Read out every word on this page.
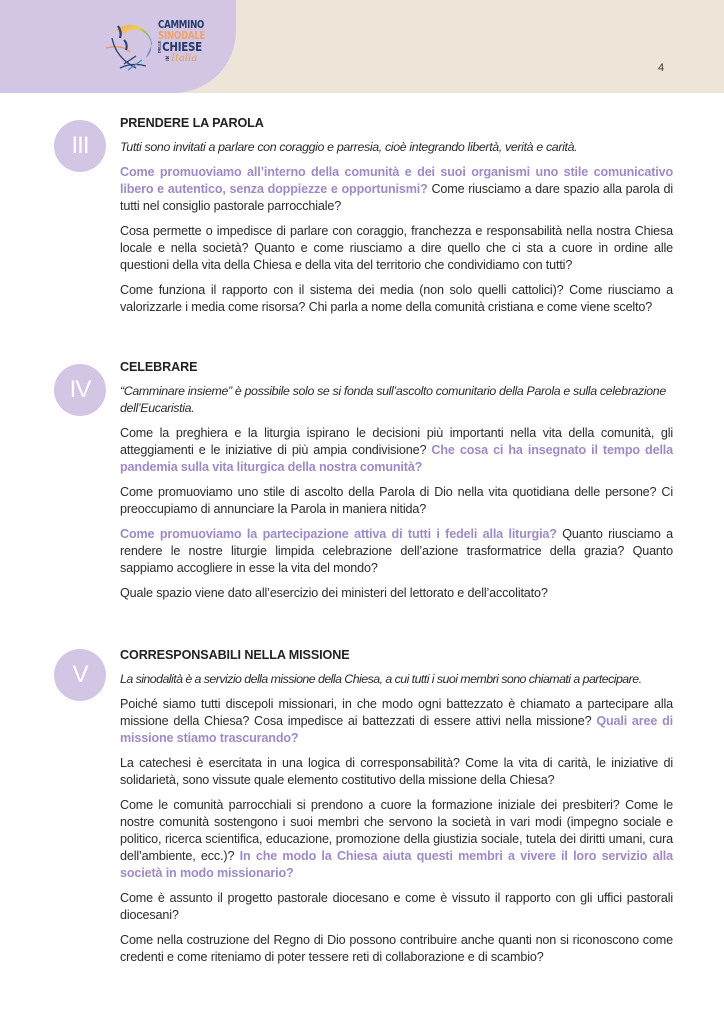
CAMMINO
SINODALE
DELLECHIESE
INItalia
4
III
PRENDERE LA PAROLA

Tutti sono invitati a parlare con coraggio e parresia, cioè integrando libertà, verità e carità.

Come promuoviamo all’interno della comunità e dei suoi organismi uno stile comunicativo libero e autentico, senza doppiezze e opportunismi? Come riusciamo a dare spazio alla parola di tutti nel consiglio pastorale parrocchiale?

Cosa permette o impedisce di parlare con coraggio, franchezza e responsabilità nella nostra Chiesa locale e nella società? Quanto e come riusciamo a dire quello che ci sta a cuore in ordine alle questioni della vita della Chiesa e della vita del territorio che condividiamo con tutti?

Come funziona il rapporto con il sistema dei media (non solo quelli cattolici)? Come riusciamo a valorizzarle i media come risorsa? Chi parla a nome della comunità cristiana e come viene scelto?

IV
CELEBRARE

“Camminare insieme” è possibile solo se si fonda sull’ascolto comunitario della Parola e sulla celebrazione dell’Eucaristia.

Come la preghiera e la liturgia ispirano le decisioni più importanti nella vita della comunità, gli atteggiamenti e le iniziative di più ampia condivisione? Che cosa ci ha insegnato il tempo della pandemia sulla vita liturgica della nostra comunità?

Come promuoviamo uno stile di ascolto della Parola di Dio nella vita quotidiana delle persone? Ci preoccupiamo di annunciare la Parola in maniera nitida?

Come promuoviamo la partecipazione attiva di tutti i fedeli alla liturgia? Quanto riusciamo a rendere le nostre liturgie limpida celebrazione dell’azione trasformatrice della grazia? Quanto sappiamo accogliere in esse la vita del mondo?

Quale spazio viene dato all’esercizio dei ministeri del lettorato e dell’accolitato?

V
CORRESPONSABILI NELLA MISSIONE

La sinodalità è a servizio della missione della Chiesa, a cui tutti i suoi membri sono chiamati a partecipare.

Poiché siamo tutti discepoli missionari, in che modo ogni battezzato è chiamato a partecipare alla missione della Chiesa? Cosa impedisce ai battezzati di essere attivi nella missione? Quali aree di missione stiamo trascurando?

La catechesi è esercitata in una logica di corresponsabilità? Come la vita di carità, le iniziative di solidarietà, sono vissute quale elemento costitutivo della missione della Chiesa?

Come le comunità parrocchiali si prendono a cuore la formazione iniziale dei presbiteri? Come le nostre comunità sostengono i suoi membri che servono la società in vari modi (impegno sociale e politico, ricerca scientifica, educazione, promozione della giustizia sociale, tutela dei diritti umani, cura dell’ambiente, ecc.)? In che modo la Chiesa aiuta questi membri a vivere il loro servizio alla società in modo missionario?

Come è assunto il progetto pastorale diocesano e come è vissuto il rapporto con gli uffici pastorali diocesani?

Come nella costruzione del Regno di Dio possono contribuire anche quanti non si riconoscono come credenti e come riteniamo di poter tessere reti di collaborazione e di scambio?
